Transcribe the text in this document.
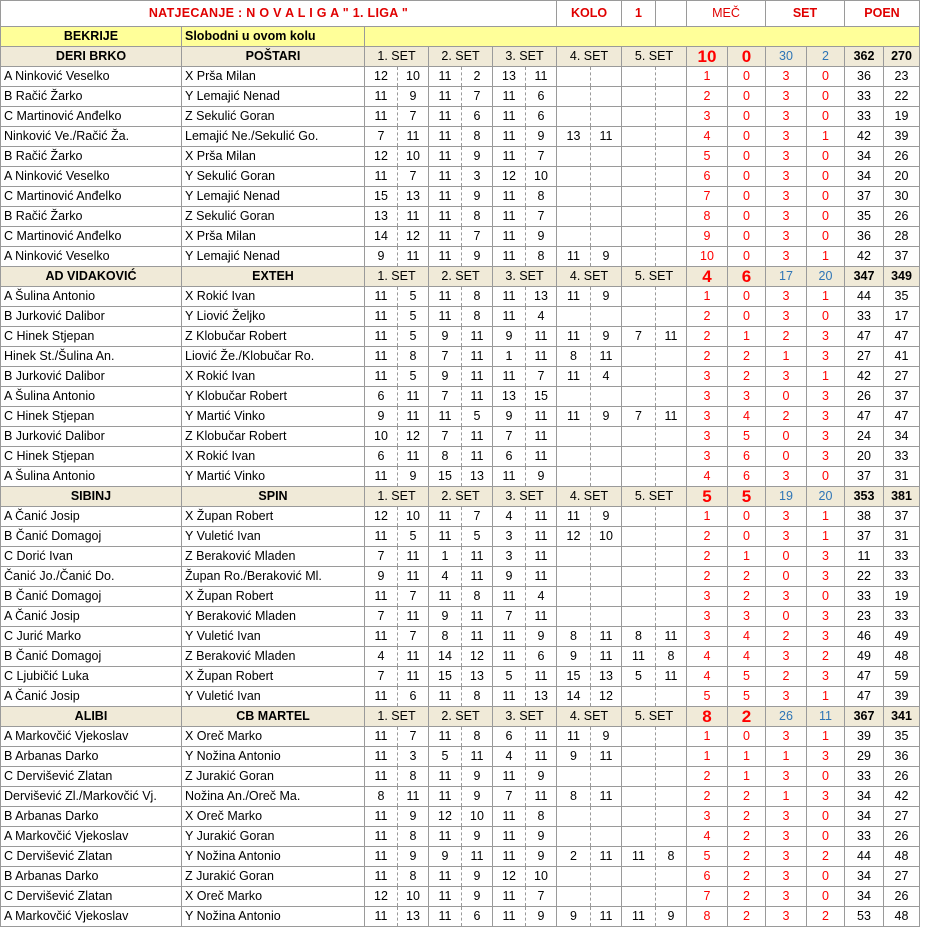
NATJECANJE : N O V A L I G A " 1. LIGA "								KOLO		1		MEČ		SET		POEN	
BEKRIJE	Slobodni u ovom kolu																
DERI BRKO	POŠTARI	1. SET		2. SET		3. SET		4. SET		5. SET		10	0	30	2	362	270
A Ninković Veselko	X Prša Milan	12	10	11	2	13	11					1	0	3	0	36	23
B Račić Žarko	Y Lemajić Nenad	11	9	11	7	11	6					2	0	3	0	33	22
C Martinović Anđelko	Z Sekulić Goran	11	7	11	6	11	6					3	0	3	0	33	19
Ninković Ve./Račić Ža.	Lemajić Ne./Sekulić Go.	7	11	11	8	11	9	13	11			4	0	3	1	42	39
B Račić Žarko	X Prša Milan	12	10	11	9	11	7					5	0	3	0	34	26
A Ninković Veselko	Y Sekulić Goran	11	7	11	3	12	10					6	0	3	0	34	20
C Martinović Anđelko	Y Lemajić Nenad	15	13	11	9	11	8					7	0	3	0	37	30
B Račić Žarko	Z Sekulić Goran	13	11	11	8	11	7					8	0	3	0	35	26
C Martinović Anđelko	X Prša Milan	14	12	11	7	11	9					9	0	3	0	36	28
A Ninković Veselko	Y Lemajić Nenad	9	11	11	9	11	8	11	9			10	0	3	1	42	37
AD VIDAKOVIĆ	EXTEH	1. SET		2. SET		3. SET		4. SET		5. SET		4	6	17	20	347	349
A Šulina Antonio	X Rokić Ivan	11	5	11	8	11	13	11	9			1	0	3	1	44	35
B Jurković Dalibor	Y Liović Željko	11	5	11	8	11	4					2	0	3	0	33	17
C Hinek Stjepan	Z Klobučar Robert	11	5	9	11	9	11	11	9	7	11	2	1	2	3	47	47
Hinek St./Šulina An.	Liović Že./Klobučar Ro.	11	8	7	11	1	11	8	11			2	2	1	3	27	41
B Jurković Dalibor	X Rokić Ivan	11	5	9	11	11	7	11	4			3	2	3	1	42	27
A Šulina Antonio	Y Klobučar Robert	6	11	7	11	13	15					3	3	0	3	26	37
C Hinek Stjepan	Y Martić Vinko	9	11	11	5	9	11	11	9	7	11	3	4	2	3	47	47
B Jurković Dalibor	Z Klobučar Robert	10	12	7	11	7	11					3	5	0	3	24	34
C Hinek Stjepan	X Rokić Ivan	6	11	8	11	6	11					3	6	0	3	20	33
A Šulina Antonio	Y Martić Vinko	11	9	15	13	11	9					4	6	3	0	37	31
SIBINJ	SPIN	1. SET		2. SET		3. SET		4. SET		5. SET		5	5	19	20	353	381
A Čanić Josip	X Župan Robert	12	10	11	7	4	11	11	9			1	0	3	1	38	37
B Čanić Domagoj	Y Vuletić Ivan	11	5	11	5	3	11	12	10			2	0	3	1	37	31
C Dorić Ivan	Z Beraković Mladen	7	11	1	11	3	11					2	1	0	3	11	33
Čanić Jo./Čanić Do.	Župan Ro./Beraković Ml.	9	11	4	11	9	11					2	2	0	3	22	33
B Čanić Domagoj	X Župan Robert	11	7	11	8	11	4					3	2	3	0	33	19
A Čanić Josip	Y Beraković Mladen	7	11	9	11	7	11					3	3	0	3	23	33
C Jurić Marko	Y Vuletić Ivan	11	7	8	11	11	9	8	11	8	11	3	4	2	3	46	49
B Čanić Domagoj	Z Beraković Mladen	4	11	14	12	11	6	9	11	11	8	4	4	3	2	49	48
C Ljubičić Luka	X Župan Robert	7	11	15	13	5	11	15	13	5	11	4	5	2	3	47	59
A Čanić Josip	Y Vuletić Ivan	11	6	11	8	11	13	14	12			5	5	3	1	47	39
ALIBI	CB MARTEL	1. SET		2. SET		3. SET		4. SET		5. SET		8	2	26	11	367	341
A Markovčić Vjekoslav	X Oreč Marko	11	7	11	8	6	11	11	9			1	0	3	1	39	35
B Arbanas Darko	Y Nožina Antonio	11	3	5	11	4	11	9	11			1	1	1	3	29	36
C Dervišević Zlatan	Z Jurakić Goran	11	8	11	9	11	9					2	1	3	0	33	26
Dervišević Zl./Markovčić Vj.	Nožina An./Oreč Ma.	8	11	11	9	7	11	8	11			2	2	1	3	34	42
B Arbanas Darko	X Oreč Marko	11	9	12	10	11	8					3	2	3	0	34	27
A Markovčić Vjekoslav	Y Jurakić Goran	11	8	11	9	11	9					4	2	3	0	33	26
C Dervišević Zlatan	Y Nožina Antonio	11	9	9	11	11	9	2	11	11	8	5	2	3	2	44	48
B Arbanas Darko	Z Jurakić Goran	11	8	11	9	12	10					6	2	3	0	34	27
C Dervišević Zlatan	X Oreč Marko	12	10	11	9	11	7					7	2	3	0	34	26
A Markovčić Vjekoslav	Y Nožina Antonio	11	13	11	6	11	9	9	11	11	9	8	2	3	2	53	48
